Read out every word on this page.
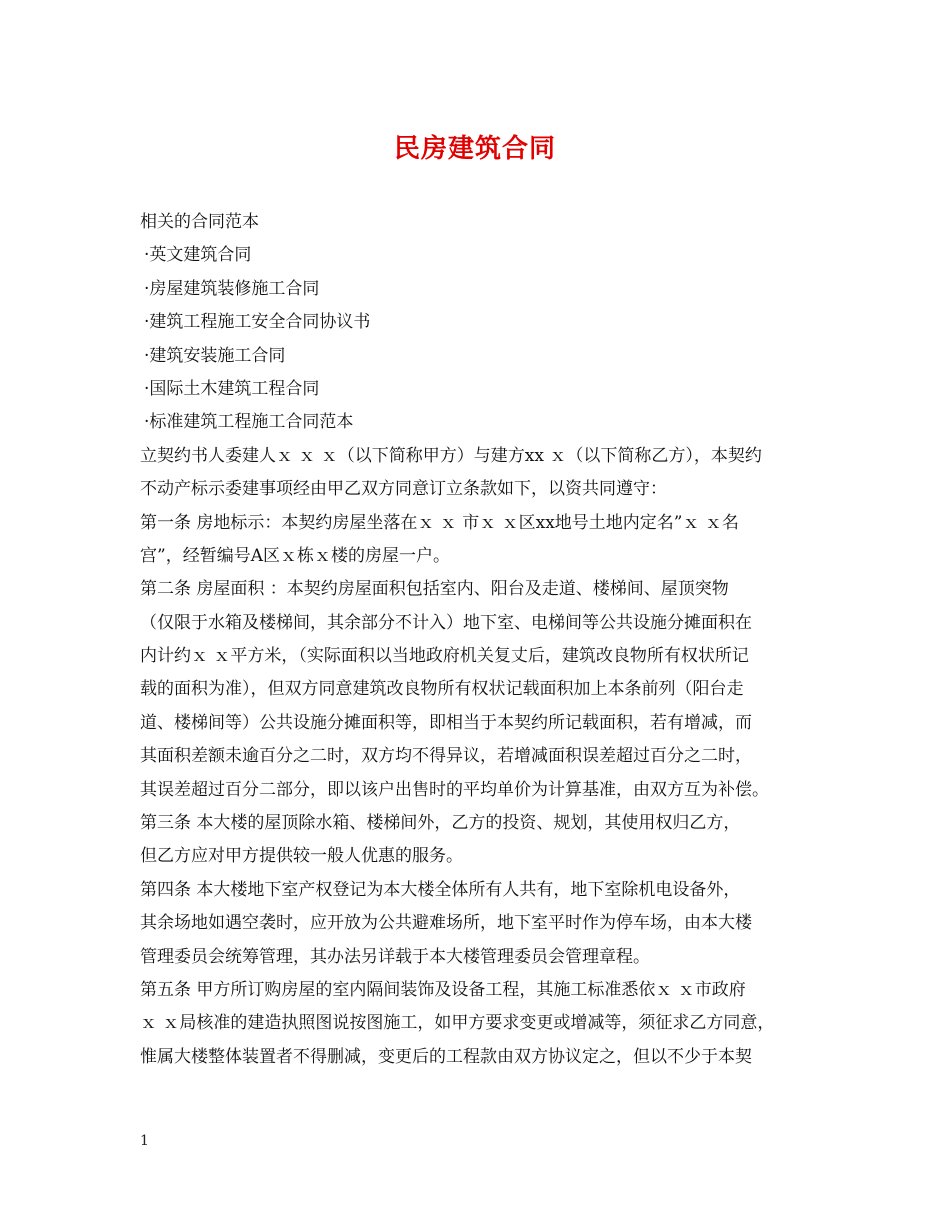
民房建筑合同
相关的合同范本
·英文建筑合同
·房屋建筑装修施工合同
·建筑工程施工安全合同协议书
·建筑安装施工合同
·国际土木建筑工程合同
·标准建筑工程施工合同范本
立契约书人委建人ｘ ｘ ｘ（以下简称甲方）与建方xx ｘ（以下简称乙方），本契约
不动产标示委建事项经由甲乙双方同意订立条款如下，以资共同遵守：
第一条 房地标示：本契约房屋坐落在ｘ ｘ 市ｘ ｘ区xx地号土地内定名”ｘ ｘ名
宫”，经暂编号A区ｘ栋ｘ楼的房屋一户。
第二条 房屋面积 ：本契约房屋面积包括室内、阳台及走道、楼梯间、屋顶突物
（仅限于水箱及楼梯间，其余部分不计入）地下室、电梯间等公共设施分摊面积在
内计约ｘ ｘ平方米，（实际面积以当地政府机关复丈后，建筑改良物所有权状所记
载的面积为准），但双方同意建筑改良物所有权状记载面积加上本条前列（阳台走
道、楼梯间等）公共设施分摊面积等，即相当于本契约所记载面积，若有增减，而
其面积差额未逾百分之二时，双方均不得异议，若增减面积误差超过百分之二时，
其误差超过百分二部分，即以该户出售时的平均单价为计算基准，由双方互为补偿。
第三条 本大楼的屋顶除水箱、楼梯间外，乙方的投资、规划，其使用权归乙方，
但乙方应对甲方提供较一般人优惠的服务。
第四条 本大楼地下室产权登记为本大楼全体所有人共有，地下室除机电设备外，
其余场地如遇空袭时，应开放为公共避难场所，地下室平时作为停车场，由本大楼
管理委员会统筹管理，其办法另详载于本大楼管理委员会管理章程。
第五条 甲方所订购房屋的室内隔间装饰及设备工程，其施工标准悉依ｘ ｘ市政府
ｘ ｘ局核准的建造执照图说按图施工，如甲方要求变更或增减等，须征求乙方同意，
惟属大楼整体装置者不得删减，变更后的工程款由双方协议定之，但以不少于本契
1
